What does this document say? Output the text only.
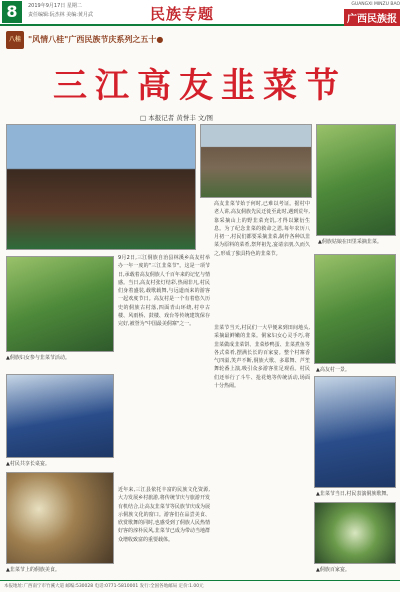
8	2019年9月17日 星期二
责任编辑:阮杰林 美编:黄月武	民族专题
GUANGXI MINZU BAO
广西民族报
八桂 "风情八桂"广西民族节庆系列之五十●
三江高友韭菜节
□ 本报记者 黄誉丰 文/图
▲侗族姑娘在田里采摘韭菜。
9月2日,三江侗族自治县林溪乡高友村举办一年一度的"三江韭菜节"。这是一项节日,承载着高友侗族人千百年来的记忆与情感。当日,高友村张灯结彩,热闹非凡,村民们身着盛装,载歌载舞,与远道而来的游客一起欢度节日。高友村是一个有着悠久历史的侗族古村落,四面青山环绕,村中古楼、风雨桥、鼓楼、戏台等传统建筑保存完好,被誉为"中国最美侗寨"之一。
高友韭菜节始于何时,已难以考证。据村中老人讲,高友侗族先民迁徙至此时,遇到荒年,靠采摘山上的野韭菜充饥,才得以繁衍生息。为了纪念韭菜的救命之恩,每年农历八月初一,村民们都要采摘韭菜,制作各种以韭菜为原料的菜肴,祭拜祖先,宴请亲朋,久而久之,形成了独具特色的韭菜节。
韭菜节当天,村民们一大早便来到田间地头,采摘最鲜嫩的韭菜。侗家妇女心灵手巧,将韭菜做成韭菜饼、韭菜炒鸭蛋、韭菜煮鱼等各式菜肴,摆满长长的百家宴。整个村寨香气四溢,笑声不断,侗族大歌、多耶舞、芦笙舞轮番上演,吸引众多游客驻足观看。村民们还举行了斗牛、抢花炮等传统活动,场面十分热闹。
近年来,三江县依托丰富的民族文化资源,大力发展乡村旅游,将传统节庆与旅游开发有机结合,让高友韭菜节等民族节庆成为展示侗族文化的窗口。游客们在品尝美食、欣赏歌舞的同时,也感受到了侗族人民热情好客的淳朴民风,韭菜节已成为带动当地群众增收致富的重要载体。
▲侗族妇女参与韭菜节活动。
▲村民共享长桌宴。
▲韭菜节上的侗族美食。
▲高友村一景。
▲韭菜节当日,村民表演侗族歌舞。
▲侗族百家宴。
本报地址:广西南宁市竹溪大道 邮编:530028 电话:0771-5810001 发行:全国各地邮局 定价:1.00元
